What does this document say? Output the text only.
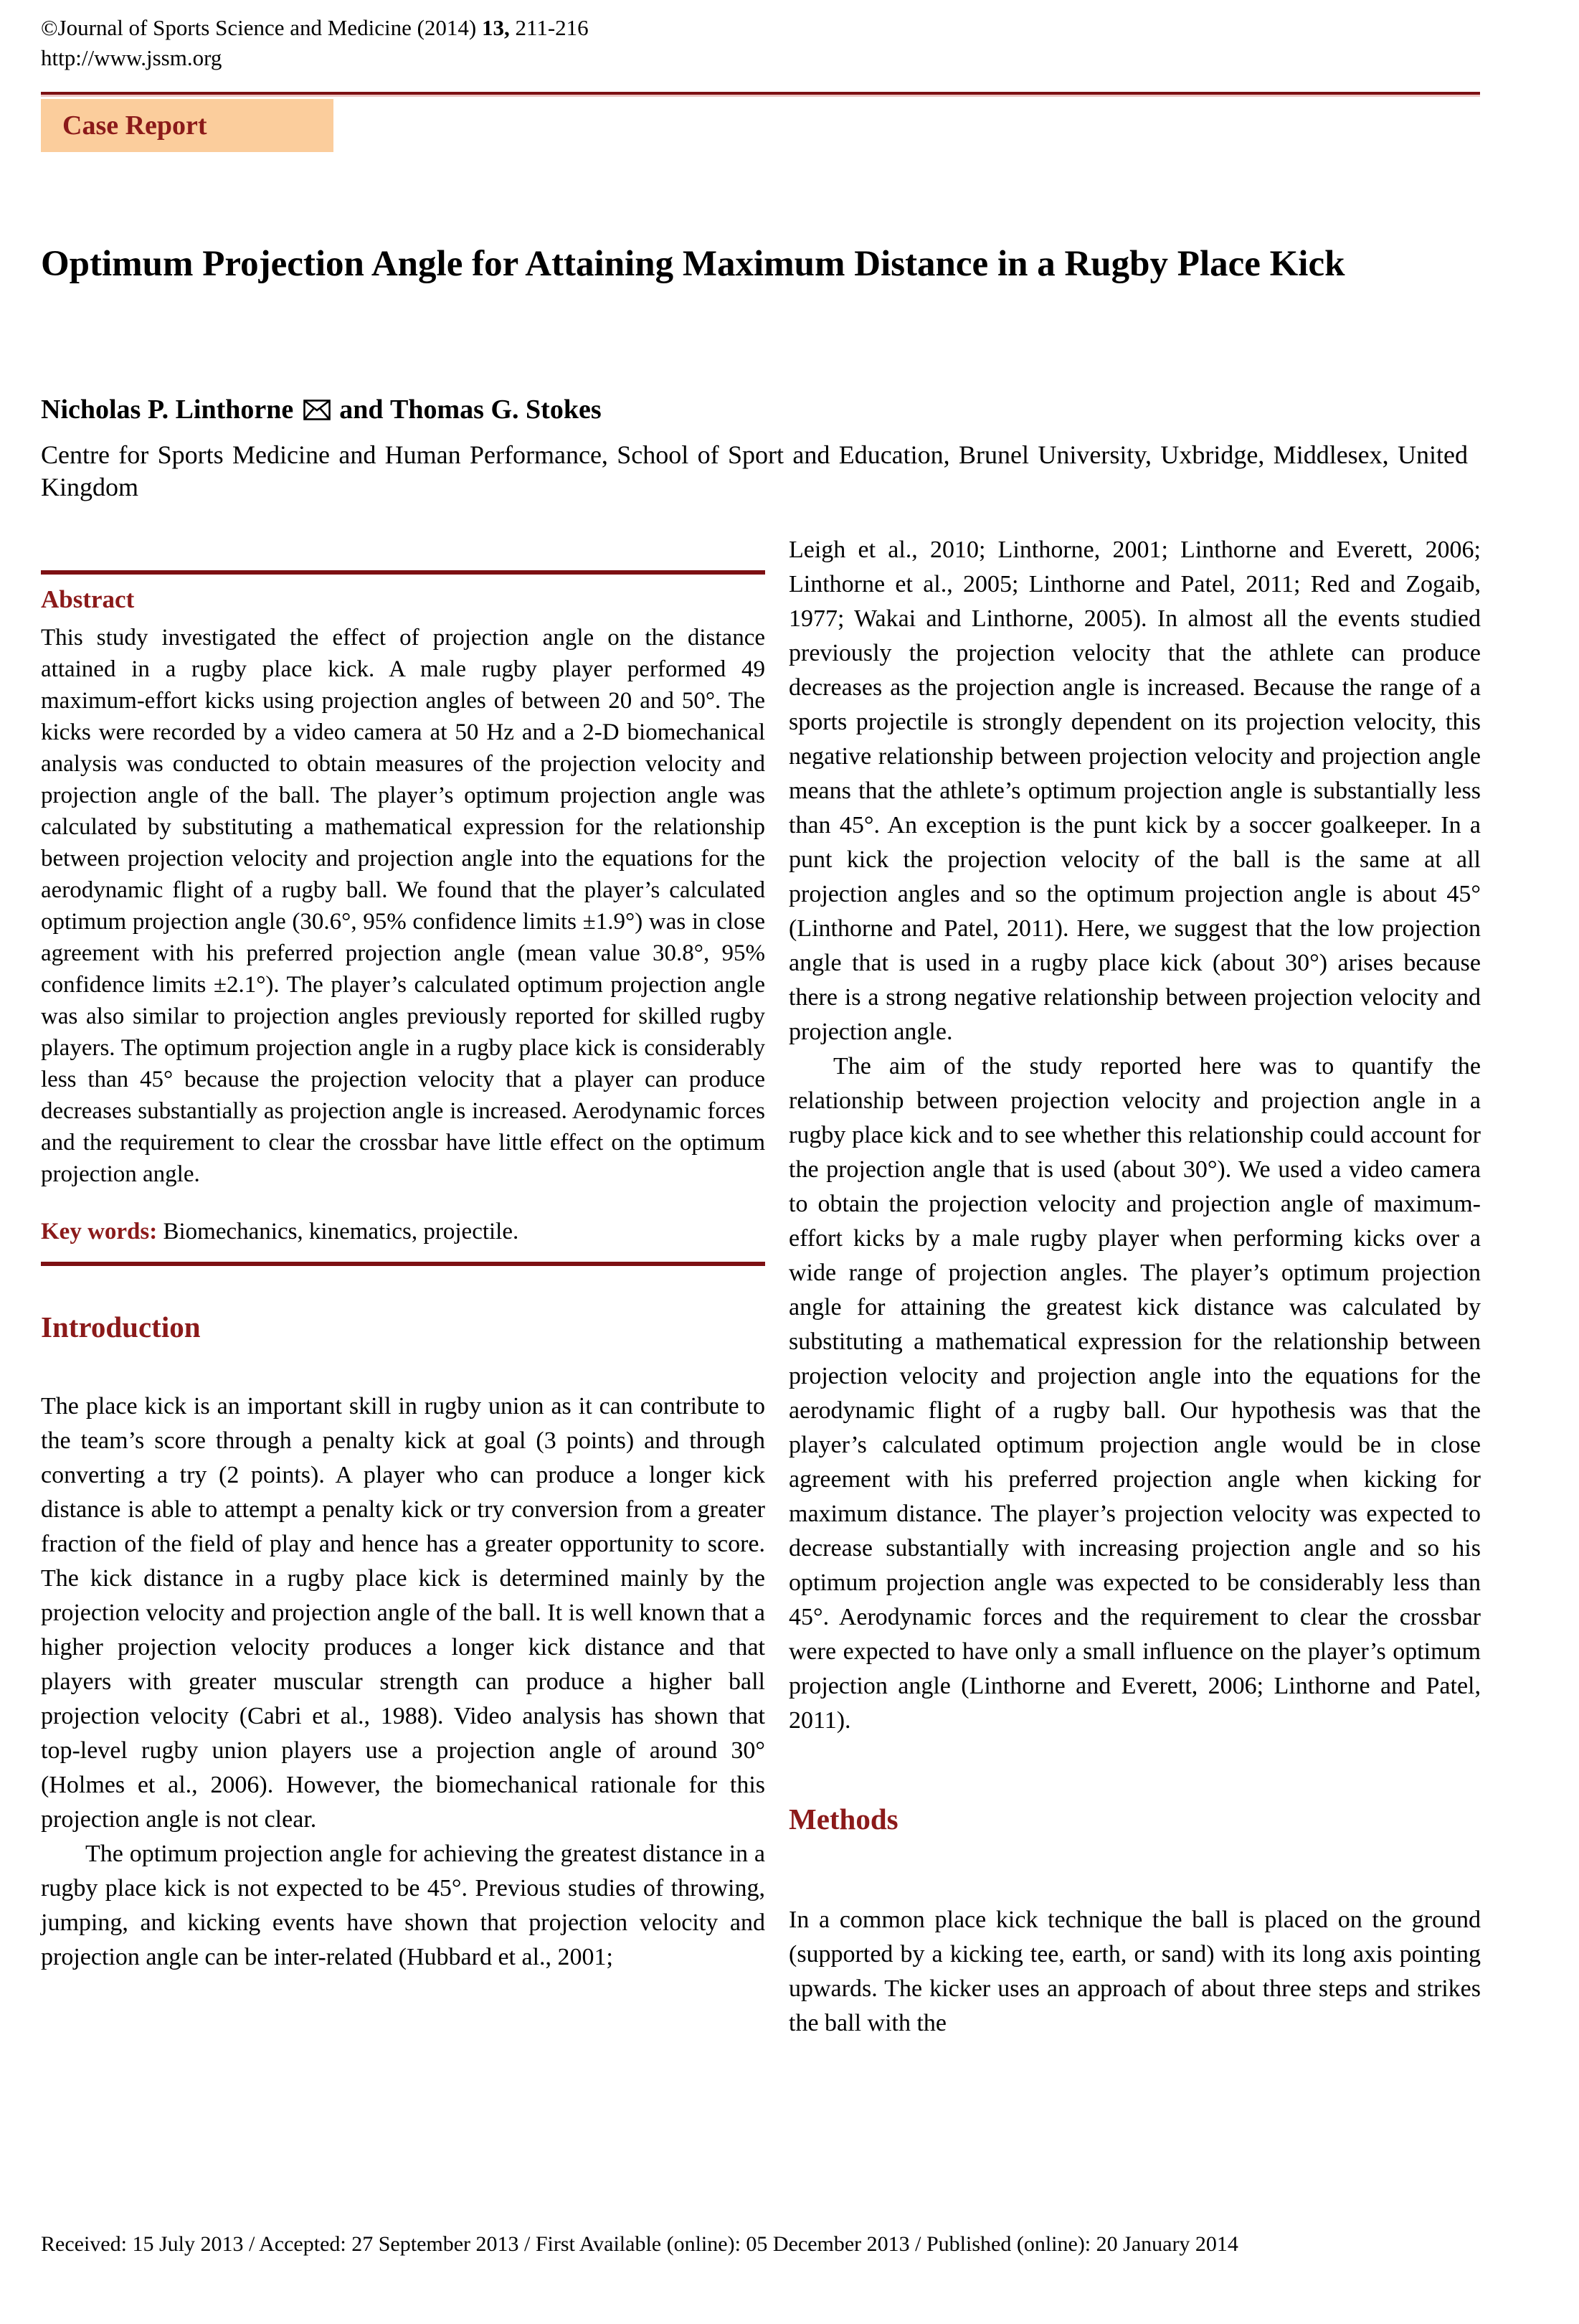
©Journal of Sports Science and Medicine (2014) 13, 211-216
http://www.jssm.org
Case Report
Optimum Projection Angle for Attaining Maximum Distance in a Rugby Place Kick
Nicholas P. Linthorne and Thomas G. Stokes

Centre for Sports Medicine and Human Performance, School of Sport and Education, Brunel University, Uxbridge, Middlesex, United Kingdom

Abstract

This study investigated the effect of projection angle on the distance attained in a rugby place kick. A male rugby player performed 49 maximum-effort kicks using projection angles of between 20 and 50°. The kicks were recorded by a video camera at 50 Hz and a 2-D biomechanical analysis was conducted to obtain measures of the projection velocity and projection angle of the ball. The player’s optimum projection angle was calculated by substituting a mathematical expression for the relationship between projection velocity and projection angle into the equations for the aerodynamic flight of a rugby ball. We found that the player’s calculated optimum projection angle (30.6°, 95% confidence limits ±1.9°) was in close agreement with his preferred projection angle (mean value 30.8°, 95% confidence limits ±2.1°). The player’s calculated optimum projection angle was also similar to projection angles previously reported for skilled rugby players. The optimum projection angle in a rugby place kick is considerably less than 45° because the projection velocity that a player can produce decreases substantially as projection angle is increased. Aerodynamic forces and the requirement to clear the crossbar have little effect on the optimum projection angle.

Key words: Biomechanics, kinematics, projectile.

Introduction

The place kick is an important skill in rugby union as it can contribute to the team’s score through a penalty kick at goal (3 points) and through converting a try (2 points). A player who can produce a longer kick distance is able to attempt a penalty kick or try conversion from a greater fraction of the field of play and hence has a greater opportunity to score. The kick distance in a rugby place kick is determined mainly by the projection velocity and projection angle of the ball. It is well known that a higher projection velocity produces a longer kick distance and that players with greater muscular strength can produce a higher ball projection velocity (Cabri et al., 1988). Video analysis has shown that top-level rugby union players use a projection angle of around 30° (Holmes et al., 2006). However, the biomechanical rationale for this projection angle is not clear.

The optimum projection angle for achieving the greatest distance in a rugby place kick is not expected to be 45°. Previous studies of throwing, jumping, and kicking events have shown that projection velocity and projection angle can be inter-related (Hubbard et al., 2001;

Leigh et al., 2010; Linthorne, 2001; Linthorne and Everett, 2006; Linthorne et al., 2005; Linthorne and Patel, 2011; Red and Zogaib, 1977; Wakai and Linthorne, 2005). In almost all the events studied previously the projection velocity that the athlete can produce decreases as the projection angle is increased. Because the range of a sports projectile is strongly dependent on its projection velocity, this negative relationship between projection velocity and projection angle means that the athlete’s optimum projection angle is substantially less than 45°. An exception is the punt kick by a soccer goalkeeper. In a punt kick the projection velocity of the ball is the same at all projection angles and so the optimum projection angle is about 45° (Linthorne and Patel, 2011). Here, we suggest that the low projection angle that is used in a rugby place kick (about 30°) arises because there is a strong negative relationship between projection velocity and projection angle.

The aim of the study reported here was to quantify the relationship between projection velocity and projection angle in a rugby place kick and to see whether this relationship could account for the projection angle that is used (about 30°). We used a video camera to obtain the projection velocity and projection angle of maximum-effort kicks by a male rugby player when performing kicks over a wide range of projection angles. The player’s optimum projection angle for attaining the greatest kick distance was calculated by substituting a mathematical expression for the relationship between projection velocity and projection angle into the equations for the aerodynamic flight of a rugby ball. Our hypothesis was that the player’s calculated optimum projection angle would be in close agreement with his preferred projection angle when kicking for maximum distance. The player’s projection velocity was expected to decrease substantially with increasing projection angle and so his optimum projection angle was expected to be considerably less than 45°. Aerodynamic forces and the requirement to clear the crossbar were expected to have only a small influence on the player’s optimum projection angle (Linthorne and Everett, 2006; Linthorne and Patel, 2011).

Methods

In a common place kick technique the ball is placed on the ground (supported by a kicking tee, earth, or sand) with its long axis pointing upwards. The kicker uses an approach of about three steps and strikes the ball with the

Received: 15 July 2013 / Accepted: 27 September 2013 / First Available (online): 05 December 2013 / Published (online): 20 January 2014
